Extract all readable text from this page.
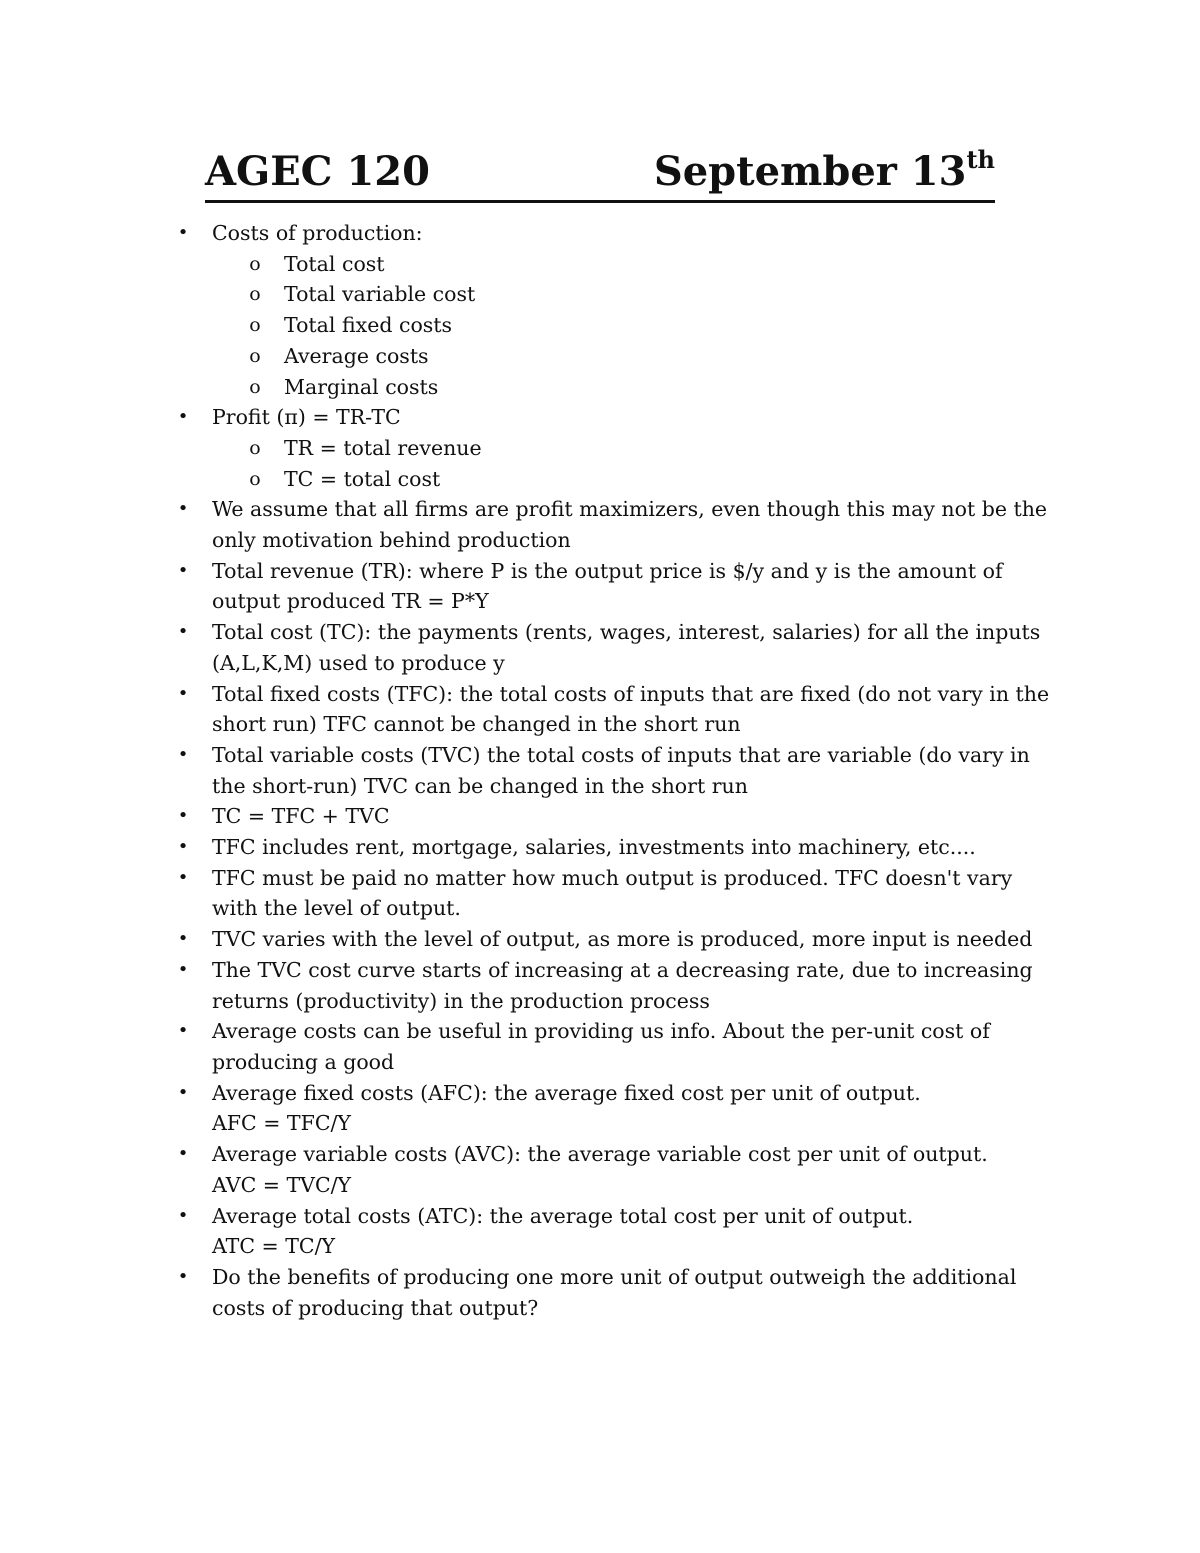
AGEC 120	September 13th
• Costs of production:
o Total cost
o Total variable cost
o Total fixed costs
o Average costs
o Marginal costs
• Profit (π) = TR-TC
o TR = total revenue
o TC = total cost
• We assume that all firms are profit maximizers, even though this may not be the only motivation behind production
• Total revenue (TR): where P is the output price is $/y and y is the amount of output produced TR = P*Y
• Total cost (TC): the payments (rents, wages, interest, salaries) for all the inputs (A,L,K,M) used to produce y
• Total fixed costs (TFC): the total costs of inputs that are fixed (do not vary in the short run) TFC cannot be changed in the short run
• Total variable costs (TVC) the total costs of inputs that are variable (do vary in the short-run) TVC can be changed in the short run
• TC = TFC + TVC
• TFC includes rent, mortgage, salaries, investments into machinery, etc....
• TFC must be paid no matter how much output is produced. TFC doesn't vary with the level of output.
• TVC varies with the level of output, as more is produced, more input is needed
• The TVC cost curve starts of increasing at a decreasing rate, due to increasing returns (productivity) in the production process
• Average costs can be useful in providing us info. About the per-unit cost of producing a good
• Average fixed costs (AFC): the average fixed cost per unit of output.
AFC = TFC/Y
• Average variable costs (AVC): the average variable cost per unit of output.
AVC = TVC/Y
• Average total costs (ATC): the average total cost per unit of output.
ATC = TC/Y
• Do the benefits of producing one more unit of output outweigh the additional costs of producing that output?
